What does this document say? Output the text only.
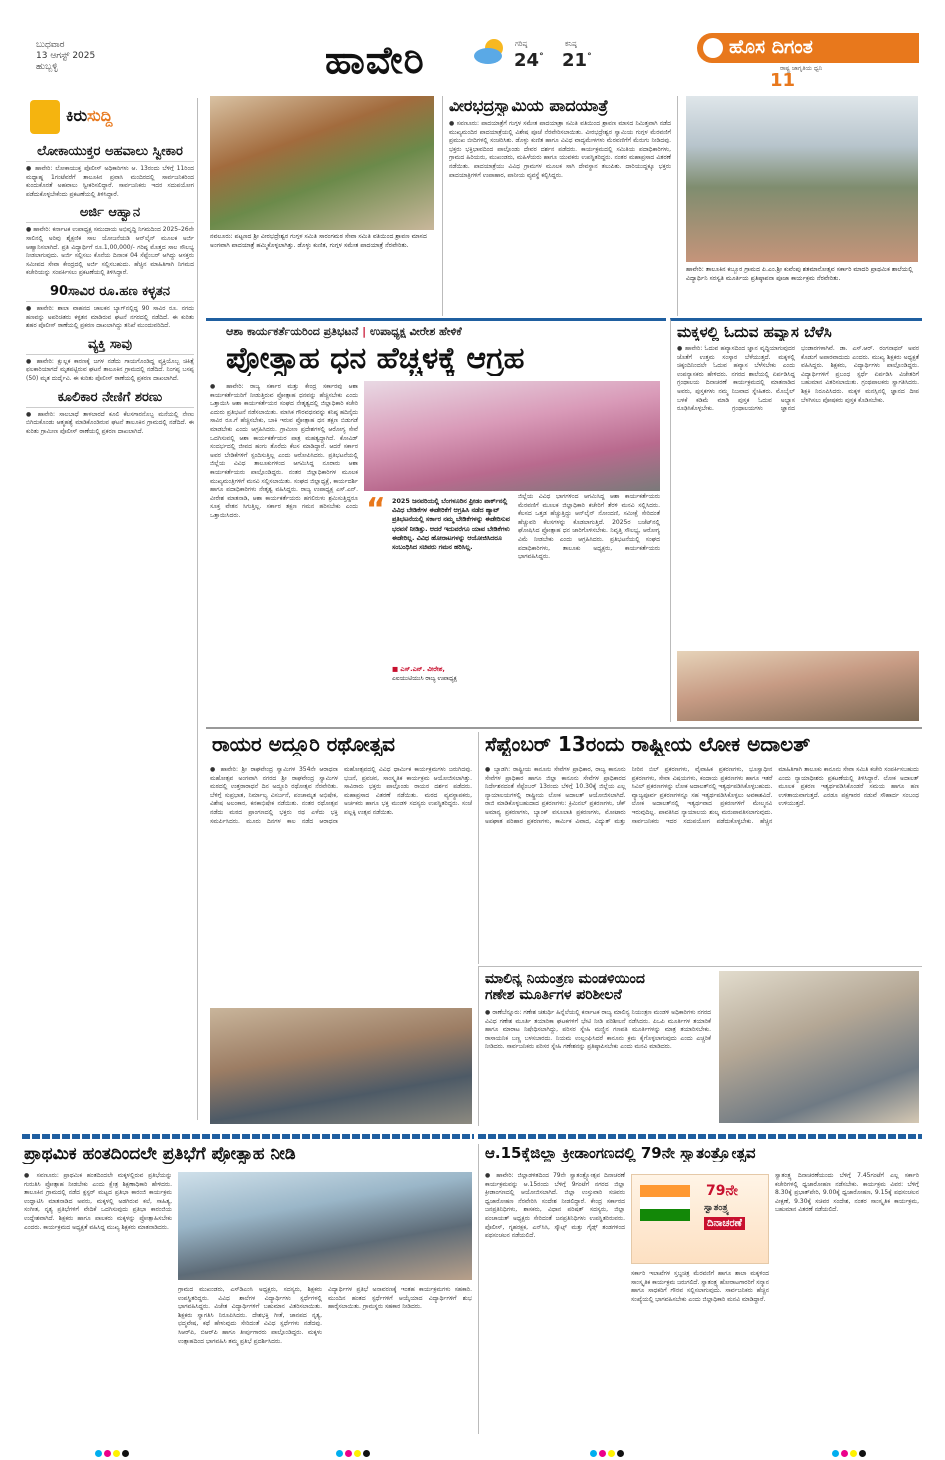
ಬುಧವಾರ
13 ಆಗಸ್ಟ್ 2025
ಹುಬ್ಬಳ್ಳಿ	ಹಾವೇರಿ	ಗರಿಷ್ಠ
24°
ಕನಿಷ್ಠ
21°	ಹೊಸ ದಿಗಂತ
ರಾಷ್ಟ್ರ ಜಾಗೃತಿಯ ಧ್ವನಿ
11
ಕಿರುಸುದ್ದಿ
ಲೋಕಾಯುಕ್ತರ ಅಹವಾಲು ಸ್ವೀಕಾರ
● ಹಾವೇರಿ: ಲೋಕಾಯುಕ್ತ ಪೊಲೀಸ್ ಅಧಿಕಾರಿಗಳು ಆ. 13ರಂದು ಬೆಳಿಗ್ಗೆ 11ರಿಂದ ಮಧ್ಯಾಹ್ನ 1ಗಂಟೆವರೆಗೆ ತಾಲೂಕಿನ ಪ್ರವಾಸಿ ಮಂದಿರದಲ್ಲಿ ಸಾರ್ವಜನಿಕರಿಂದ ಕುಂದುಕೊರತೆ ಅಹವಾಲು ಸ್ವೀಕರಿಸಲಿದ್ದಾರೆ. ಸಾರ್ವಜನಿಕರು ಇದರ ಸದುಪಯೋಗ ಪಡೆದುಕೊಳ್ಳಬೇಕೆಂದು ಪ್ರಕಟಣೆಯಲ್ಲಿ ತಿಳಿಸಿದ್ದಾರೆ.
ಅರ್ಜಿ ಆಹ್ವಾನ
● ಹಾವೇರಿ: ಕರ್ನಾಟಕ ಉಪಾಧ್ಯಕ್ಷ ಸಮುದಾಯ ಅಭಿವೃದ್ಧಿ ನಿಗಮದಿಂದ 2025–26ನೇ ಸಾಲಿನಲ್ಲಿ ಅರಿವು ಶೈಕ್ಷಣಿಕ ಸಾಲ ಯೋಜನೆಯಡಿ ಆನ್‌ಲೈನ್ ಮೂಲಕ ಅರ್ಜಿ ಆಹ್ವಾನಿಸಲಾಗಿದೆ. ಪ್ರತಿ ವಿದ್ಯಾರ್ಥಿಗೆ ರೂ.1,00,000/- ಗರಿಷ್ಠ ಮೊತ್ತದ ಸಾಲ ಸೌಲಭ್ಯ ನೀಡಲಾಗುವುದು. ಅರ್ಜಿ ಸಲ್ಲಿಸಲು ಕೊನೆಯ ದಿನಾಂಕ 04 ಸೆಪ್ಟೆಂಬರ್ ಆಗಿದ್ದು ಆಸಕ್ತರು ಸಮೀಪದ ಸೇವಾ ಕೇಂದ್ರದಲ್ಲಿ ಅರ್ಜಿ ಸಲ್ಲಿಸಬಹುದು. ಹೆಚ್ಚಿನ ಮಾಹಿತಿಗಾಗಿ ನಿಗಮದ ಕಚೇರಿಯನ್ನು ಸಂಪರ್ಕಿಸಲು ಪ್ರಕಟಣೆಯಲ್ಲಿ ತಿಳಿಸಿದ್ದಾರೆ.
90ಸಾವಿರ ರೂ.ಹಣ ಕಳ್ಳತನ
● ಹಾವೇರಿ: ಶಾಲಾ ವಾಹನದ ಚಾಲಕನ ಬ್ಯಾಗ್‌ನಲ್ಲಿದ್ದ 90 ಸಾವಿರ ರೂ. ನಗದು ಹಣವನ್ನು ಅಪರಿಚಿತರು ಕಳ್ಳತನ ಮಾಡಿರುವ ಘಟನೆ ನಗರದಲ್ಲಿ ನಡೆದಿದೆ. ಈ ಕುರಿತು ಶಹರ ಪೊಲೀಸ್ ಠಾಣೆಯಲ್ಲಿ ಪ್ರಕರಣ ದಾಖಲಾಗಿದ್ದು ತನಿಖೆ ಮುಂದುವರಿದಿದೆ.
ವ್ಯಕ್ತಿ ಸಾವು
● ಹಾವೇರಿ: ಕ್ಷುಲ್ಲಕ ಕಾರಣಕ್ಕೆ ಜಗಳ ನಡೆದು ಗಾಯಗೊಂಡಿದ್ದ ವ್ಯಕ್ತಿಯೊಬ್ಬ ಚಿಕಿತ್ಸೆ ಫಲಕಾರಿಯಾಗದೆ ಮೃತಪಟ್ಟಿರುವ ಘಟನೆ ತಾಲೂಕಿನ ಗ್ರಾಮದಲ್ಲಿ ನಡೆದಿದೆ. ನಿಂಗಪ್ಪ ಬಸಪ್ಪ (50) ಮೃತ ದುರ್ದೈವಿ. ಈ ಕುರಿತು ಪೊಲೀಸ್ ಠಾಣೆಯಲ್ಲಿ ಪ್ರಕರಣ ದಾಖಲಾಗಿದೆ.
ಕೂಲಿಕಾರ ನೇಣಿಗೆ ಶರಣು
● ಹಾವೇರಿ: ಸಾಲಬಾಧೆ ತಾಳಲಾರದೆ ಕೂಲಿ ಕೆಲಸಗಾರನೊಬ್ಬ ಮನೆಯಲ್ಲಿ ನೇಣು ಬಿಗಿದುಕೊಂಡು ಆತ್ಮಹತ್ಯೆ ಮಾಡಿಕೊಂಡಿರುವ ಘಟನೆ ತಾಲೂಕಿನ ಗ್ರಾಮದಲ್ಲಿ ನಡೆದಿದೆ. ಈ ಕುರಿತು ಗ್ರಾಮೀಣ ಪೊಲೀಸ್ ಠಾಣೆಯಲ್ಲಿ ಪ್ರಕರಣ ದಾಖಲಾಗಿದೆ.
ನವಲೂರು: ಪಟ್ಟಣದ ಶ್ರೀ ವೀರಭದ್ರೇಶ್ವರ ಗುಗ್ಗಳ ಸಮಿತಿ ಸಾರಂಗಮಠ ಸೇವಾ ಸಮಿತಿ ವತಿಯಿಂದ ಶ್ರಾವಣ ಮಾಸದ ಅಂಗವಾಗಿ ಪಾದಯಾತ್ರೆ ಹಮ್ಮಿಕೊಳ್ಳಲಾಗಿತ್ತು. ಡೊಳ್ಳು ಕುಣಿತ, ಗುಗ್ಗಳ ಸಮೇತ ಪಾದಯಾತ್ರೆ ನೆರವೇರಿತು.
ವೀರಭದ್ರಸ್ವಾಮಿಯ ಪಾದಯಾತ್ರೆ
● ಸವಣೂರು: ಪಾದಯಾತ್ರೆಗೆ ಗುಗ್ಗಳ ಸಮೇತ ಪಾದಯಾತ್ರಾ ಸಮಿತಿ ವತಿಯಿಂದ ಶ್ರಾವಣ ಮಾಸದ ನಿಮಿತ್ತವಾಗಿ ನಡೆದ ಮುಖ್ಯಮಂದಿರ ಪಾದಯಾತ್ರೆಯಲ್ಲಿ ವಿಶೇಷ ಪೂಜೆ ನೆರವೇರಿಸಲಾಯಿತು. ವೀರಭದ್ರೇಶ್ವರ ಸ್ವಾಮಿಯ ಗುಗ್ಗಳ ಮೆರವಣಿಗೆ ಪ್ರಮುಖ ಬೀದಿಗಳಲ್ಲಿ ಸಂಚರಿಸಿತು. ಡೊಳ್ಳು ಕುಣಿತ ಹಾಗೂ ವಿವಿಧ ವಾದ್ಯಮೇಳಗಳು ಮೆರವಣಿಗೆಗೆ ಮೆರುಗು ನೀಡಿದವು. ಭಕ್ತರು ಭಕ್ತಿಭಾವದಿಂದ ಪಾಲ್ಗೊಂಡು ದೇವರ ದರ್ಶನ ಪಡೆದರು. ಕಾರ್ಯಕ್ರಮದಲ್ಲಿ ಸಮಿತಿಯ ಪದಾಧಿಕಾರಿಗಳು, ಗ್ರಾಮದ ಹಿರಿಯರು, ಮುಖಂಡರು, ಮಹಿಳೆಯರು ಹಾಗೂ ಯುವಕರು ಉಪಸ್ಥಿತರಿದ್ದರು. ನಂತರ ಮಹಾಪ್ರಸಾದ ವಿತರಣೆ ನಡೆಯಿತು. ಪಾದಯಾತ್ರೆಯು ವಿವಿಧ ಗ್ರಾಮಗಳ ಮೂಲಕ ಸಾಗಿ ದೇವಸ್ಥಾನ ತಲುಪಿತು. ದಾರಿಯುದ್ದಕ್ಕೂ ಭಕ್ತರು ಪಾದಯಾತ್ರಿಗಳಿಗೆ ಉಪಾಹಾರ, ಪಾನೀಯ ವ್ಯವಸ್ಥೆ ಕಲ್ಪಿಸಿದ್ದರು.
ಹಾವೇರಿ: ತಾಲೂಕಿನ ಕಬ್ಬೂರ ಗ್ರಾಮದ ಪಿ.ಎಂ.ಶ್ರೀ ಕುವೆಂಪು ಶತಮಾನೋತ್ಸವ ಸರ್ಕಾರಿ ಮಾದರಿ ಪ್ರಾಥಮಿಕ ಶಾಲೆಯಲ್ಲಿ ವಿದ್ಯಾರ್ಥಿನಿ ಸರಸ್ವತಿ ಮೂರ್ತಿಯ ಪ್ರತಿಷ್ಠಾಪನಾ ಪೂಜಾ ಕಾರ್ಯಕ್ರಮ ನೆರವೇರಿತು.
ಆಶಾ ಕಾರ್ಯಕರ್ತೆಯರಿಂದ ಪ್ರತಿಭಟನೆ | ಉಪಾಧ್ಯಕ್ಷ ವೀರೇಶ ಹೇಳಿಕೆ
ಪ್ರೋತ್ಸಾಹ ಧನ ಹೆಚ್ಚಳಕ್ಕೆ ಆಗ್ರಹ
● ಹಾವೇರಿ: ರಾಜ್ಯ ಸರ್ಕಾರ ಮತ್ತು ಕೇಂದ್ರ ಸರ್ಕಾರವು ಆಶಾ ಕಾರ್ಯಕರ್ತೆಯರಿಗೆ ನೀಡುತ್ತಿರುವ ಪ್ರೋತ್ಸಾಹ ಧನವನ್ನು ಹೆಚ್ಚಿಸಬೇಕು ಎಂದು ಒತ್ತಾಯಿಸಿ ಆಶಾ ಕಾರ್ಯಕರ್ತೆಯರ ಸಂಘದ ನೇತೃತ್ವದಲ್ಲಿ ಜಿಲ್ಲಾಧಿಕಾರಿ ಕಚೇರಿ ಎದುರು ಪ್ರತಿಭಟನೆ ನಡೆಸಲಾಯಿತು. ಮಾಸಿಕ ಗೌರವಧನವನ್ನು ಕನಿಷ್ಠ ಹದಿನೈದು ಸಾವಿರ ರೂ.ಗೆ ಹೆಚ್ಚಿಸಬೇಕು, ಬಾಕಿ ಇರುವ ಪ್ರೋತ್ಸಾಹ ಧನ ತಕ್ಷಣ ಬಿಡುಗಡೆ ಮಾಡಬೇಕು ಎಂದು ಆಗ್ರಹಿಸಿದರು. ಗ್ರಾಮೀಣ ಪ್ರದೇಶಗಳಲ್ಲಿ ಆರೋಗ್ಯ ಸೇವೆ ಒದಗಿಸುವಲ್ಲಿ ಆಶಾ ಕಾರ್ಯಕರ್ತೆಯರ ಪಾತ್ರ ಮಹತ್ವದ್ದಾಗಿದೆ. ಕೋವಿಡ್ ಸಂದರ್ಭದಲ್ಲಿ ಜೀವದ ಹಂಗು ತೊರೆದು ಕೆಲಸ ಮಾಡಿದ್ದಾರೆ. ಆದರೆ ಸರ್ಕಾರ ಅವರ ಬೇಡಿಕೆಗಳಿಗೆ ಸ್ಪಂದಿಸುತ್ತಿಲ್ಲ ಎಂದು ಆರೋಪಿಸಿದರು. ಪ್ರತಿಭಟನೆಯಲ್ಲಿ ಜಿಲ್ಲೆಯ ವಿವಿಧ ತಾಲೂಕುಗಳಿಂದ ಆಗಮಿಸಿದ್ದ ನೂರಾರು ಆಶಾ ಕಾರ್ಯಕರ್ತೆಯರು ಪಾಲ್ಗೊಂಡಿದ್ದರು. ನಂತರ ಜಿಲ್ಲಾಧಿಕಾರಿಗಳ ಮೂಲಕ ಮುಖ್ಯಮಂತ್ರಿಗಳಿಗೆ ಮನವಿ ಸಲ್ಲಿಸಲಾಯಿತು. ಸಂಘದ ಜಿಲ್ಲಾಧ್ಯಕ್ಷೆ, ಕಾರ್ಯದರ್ಶಿ ಹಾಗೂ ಪದಾಧಿಕಾರಿಗಳು ನೇತೃತ್ವ ವಹಿಸಿದ್ದರು. ರಾಜ್ಯ ಉಪಾಧ್ಯಕ್ಷ ಎಸ್.ಎನ್. ವೀರೇಶ ಮಾತನಾಡಿ, ಆಶಾ ಕಾರ್ಯಕರ್ತೆಯರು ಹಗಲಿರುಳು ಶ್ರಮಿಸುತ್ತಿದ್ದರೂ ಸೂಕ್ತ ವೇತನ ಸಿಗುತ್ತಿಲ್ಲ. ಸರ್ಕಾರ ತಕ್ಷಣ ಗಮನ ಹರಿಸಬೇಕು ಎಂದು ಒತ್ತಾಯಿಸಿದರು.	“ 2025 ಜನವರಿಯಲ್ಲಿ ಬೆಂಗಳೂರಿನ ಫ್ರೀಡಂ ಪಾರ್ಕ್‌ನಲ್ಲಿ ವಿವಿಧ ಬೇಡಿಕೆಗಳ ಈಡೇರಿಕೆಗೆ ಆಗ್ರಹಿಸಿ ನಡೆದ ಹ್ಯಾಟ್ ಪ್ರತಿಭಟನೆಯಲ್ಲಿ ಸರ್ಕಾರ ನಮ್ಮ ಬೇಡಿಕೆಗಳನ್ನು ಈಡೇರಿಸುವ ಭರವಸೆ ನೀಡಿತ್ತು. ಆದರೆ ಇದುವರೆಗೂ ಯಾವ ಬೇಡಿಕೆಗಳು ಈಡೇರಿಲ್ಲ. ವಿವಿಧ ಹೋರಾಟಗಳನ್ನು ಆಯೋಜಿಸಿದರೂ ಸಂಬಂಧಿಸಿದ ಸಚಿವರು ಗಮನ ಹರಿಸಿಲ್ಲ.
■ ಎಸ್.ಎನ್. ವೀರೇಶ,
ಎಐಯುಟಿಯುಸಿ ರಾಜ್ಯ ಉಪಾಧ್ಯಕ್ಷ
ಜಿಲ್ಲೆಯ ವಿವಿಧ ಭಾಗಗಳಿಂದ ಆಗಮಿಸಿದ್ದ ಆಶಾ ಕಾರ್ಯಕರ್ತೆಯರು ಮೆರವಣಿಗೆ ಮೂಲಕ ಜಿಲ್ಲಾಧಿಕಾರಿ ಕಚೇರಿಗೆ ತೆರಳಿ ಮನವಿ ಸಲ್ಲಿಸಿದರು. ಕೆಲಸದ ಒತ್ತಡ ಹೆಚ್ಚುತ್ತಿದ್ದು ಆನ್‌ಲೈನ್ ನೋಂದಣಿ, ಸಮೀಕ್ಷೆ ಸೇರಿದಂತೆ ಹೆಚ್ಚುವರಿ ಕೆಲಸಗಳನ್ನು ಕೊಡಲಾಗುತ್ತಿದೆ. 2025ರ ಬಜೆಟ್‌ನಲ್ಲಿ ಘೋಷಿಸಿದ ಪ್ರೋತ್ಸಾಹ ಧನ ಜಾರಿಗೊಳಿಸಬೇಕು. ನಿವೃತ್ತಿ ಸೌಲಭ್ಯ, ಆರೋಗ್ಯ ವಿಮೆ ನೀಡಬೇಕು ಎಂದು ಆಗ್ರಹಿಸಿದರು. ಪ್ರತಿಭಟನೆಯಲ್ಲಿ ಸಂಘದ ಪದಾಧಿಕಾರಿಗಳು, ತಾಲೂಕು ಅಧ್ಯಕ್ಷರು, ಕಾರ್ಯಕರ್ತೆಯರು ಭಾಗವಹಿಸಿದ್ದರು.
ಮಕ್ಕಳಲ್ಲಿ ಓದುವ ಹವ್ಯಾಸ ಬೆಳೆಸಿ
● ಹಾವೇರಿ: ಓದುವ ಹವ್ಯಾಸದಿಂದ ಜ್ಞಾನ ವೃದ್ಧಿಯಾಗುವುದರ ಜೊತೆಗೆ ಉತ್ತಮ ಸಂಸ್ಕಾರ ಬೆಳೆಯುತ್ತದೆ. ಮಕ್ಕಳಲ್ಲಿ ಚಿಕ್ಕಂದಿನಿಂದಲೇ ಓದುವ ಹವ್ಯಾಸ ಬೆಳೆಸಬೇಕು ಎಂದು ಉಪನ್ಯಾಸಕರು ಹೇಳಿದರು. ನಗರದ ಶಾಲೆಯಲ್ಲಿ ಏರ್ಪಡಿಸಿದ್ದ ಗ್ರಂಥಾಲಯ ದಿನಾಚರಣೆ ಕಾರ್ಯಕ್ರಮದಲ್ಲಿ ಮಾತನಾಡಿದ ಅವರು, ಪುಸ್ತಕಗಳು ನಮ್ಮ ನಿಜವಾದ ಸ್ನೇಹಿತರು. ಮೊಬೈಲ್ ಬಳಕೆ ಕಡಿಮೆ ಮಾಡಿ ಪುಸ್ತಕ ಓದುವ ಅಭ್ಯಾಸ ರೂಢಿಸಿಕೊಳ್ಳಬೇಕು. ಗ್ರಂಥಾಲಯಗಳು ಜ್ಞಾನದ ಭಂಡಾರಗಳಾಗಿವೆ. ಡಾ. ಎಸ್.ಆರ್. ರಂಗನಾಥನ್ ಅವರ ಕೊಡುಗೆ ಅಪಾರವಾದುದು ಎಂದರು. ಮುಖ್ಯ ಶಿಕ್ಷಕರು ಅಧ್ಯಕ್ಷತೆ ವಹಿಸಿದ್ದರು. ಶಿಕ್ಷಕರು, ವಿದ್ಯಾರ್ಥಿಗಳು ಪಾಲ್ಗೊಂಡಿದ್ದರು. ವಿದ್ಯಾರ್ಥಿಗಳಿಗೆ ಪ್ರಬಂಧ ಸ್ಪರ್ಧೆ ಏರ್ಪಡಿಸಿ ವಿಜೇತರಿಗೆ ಬಹುಮಾನ ವಿತರಿಸಲಾಯಿತು. ಗ್ರಂಥಪಾಲಕರು ಸ್ವಾಗತಿಸಿದರು. ಶಿಕ್ಷಕಿ ನಿರೂಪಿಸಿದರು. ಮಕ್ಕಳ ಮನಸ್ಸಿನಲ್ಲಿ ಜ್ಞಾನದ ದೀಪ ಬೆಳಗಿಸಲು ಪೋಷಕರು ಪುಸ್ತಕ ಕೊಡಿಸಬೇಕು.
ರಾಯರ ಅದ್ದೂರಿ ರಥೋತ್ಸವ
● ಹಾವೇರಿ: ಶ್ರೀ ರಾಘವೇಂದ್ರ ಸ್ವಾಮಿಗಳ 354ನೇ ಆರಾಧನಾ ಮಹೋತ್ಸವ ಅಂಗವಾಗಿ ನಗರದ ಶ್ರೀ ರಾಘವೇಂದ್ರ ಸ್ವಾಮಿಗಳ ಮಠದಲ್ಲಿ ಉತ್ತರಾರಾಧನೆ ದಿನ ಅದ್ದೂರಿ ರಥೋತ್ಸವ ನೆರವೇರಿತು. ಬೆಳಿಗ್ಗೆ ಸುಪ್ರಭಾತ, ನಿರ್ಮಾಲ್ಯ ವಿಸರ್ಜನೆ, ಪಂಚಾಮೃತ ಅಭಿಷೇಕ, ವಿಶೇಷ ಅಲಂಕಾರ, ಕನಕಾಭಿಷೇಕ ನಡೆಯಿತು. ನಂತರ ರಥೋತ್ಸವ ನಡೆದು ಮಠದ ಪ್ರಾಂಗಣದಲ್ಲಿ ಭಕ್ತರು ರಥ ಎಳೆದು ಭಕ್ತಿ ಸಮರ್ಪಿಸಿದರು. ಮೂರು ದಿನಗಳ ಕಾಲ ನಡೆದ ಆರಾಧನಾ ಮಹೋತ್ಸವದಲ್ಲಿ ವಿವಿಧ ಧಾರ್ಮಿಕ ಕಾರ್ಯಕ್ರಮಗಳು ಜರುಗಿದವು. ಭಜನೆ, ಪ್ರವಚನ, ಸಾಂಸ್ಕೃತಿಕ ಕಾರ್ಯಕ್ರಮ ಆಯೋಜಿಸಲಾಗಿತ್ತು. ಸಾವಿರಾರು ಭಕ್ತರು ಪಾಲ್ಗೊಂಡು ರಾಯರ ದರ್ಶನ ಪಡೆದರು. ಮಹಾಪ್ರಸಾದ ವಿತರಣೆ ನಡೆಯಿತು. ಮಠದ ವ್ಯವಸ್ಥಾಪಕರು, ಅರ್ಚಕರು ಹಾಗೂ ಭಕ್ತ ಮಂಡಳಿ ಸದಸ್ಯರು ಉಪಸ್ಥಿತರಿದ್ದರು. ಸಂಜೆ ಪಲ್ಲಕ್ಕಿ ಉತ್ಸವ ನಡೆಯಿತು.
ಸೆಪ್ಟೆಂಬರ್ 13ರಂದು ರಾಷ್ಟ್ರೀಯ ಲೋಕ ಅದಾಲತ್
● ಬ್ಯಾಡಗಿ: ರಾಷ್ಟ್ರೀಯ ಕಾನೂನು ಸೇವೆಗಳ ಪ್ರಾಧಿಕಾರ, ರಾಜ್ಯ ಕಾನೂನು ಸೇವೆಗಳ ಪ್ರಾಧಿಕಾರ ಹಾಗೂ ಜಿಲ್ಲಾ ಕಾನೂನು ಸೇವೆಗಳ ಪ್ರಾಧಿಕಾರದ ನಿರ್ದೇಶನದಂತೆ ಸೆಪ್ಟೆಂಬರ್ 13ರಂದು ಬೆಳಿಗ್ಗೆ 10.30ಕ್ಕೆ ಜಿಲ್ಲೆಯ ಎಲ್ಲ ನ್ಯಾಯಾಲಯಗಳಲ್ಲಿ ರಾಷ್ಟ್ರೀಯ ಲೋಕ ಅದಾಲತ್ ಆಯೋಜಿಸಲಾಗಿದೆ. ರಾಜಿ ಮಾಡಿಕೊಳ್ಳಬಹುದಾದ ಪ್ರಕರಣಗಳು: ಕ್ರಿಮಿನಲ್ ಪ್ರಕರಣಗಳು, ಚೆಕ್ ಅಮಾನ್ಯ ಪ್ರಕರಣಗಳು, ಬ್ಯಾಂಕ್ ವಸೂಲಾತಿ ಪ್ರಕರಣಗಳು, ಮೋಟಾರು ಅಪಘಾತ ಪರಿಹಾರ ಪ್ರಕರಣಗಳು, ಕಾರ್ಮಿಕ ವಿವಾದ, ವಿದ್ಯುತ್ ಮತ್ತು ನೀರಿನ ಬಿಲ್ ಪ್ರಕರಣಗಳು, ವೈವಾಹಿಕ ಪ್ರಕರಣಗಳು, ಭೂಸ್ವಾಧೀನ ಪ್ರಕರಣಗಳು, ಸೇವಾ ವಿಷಯಗಳು, ಕಂದಾಯ ಪ್ರಕರಣಗಳು ಹಾಗೂ ಇತರೆ ಸಿವಿಲ್ ಪ್ರಕರಣಗಳನ್ನು ಲೋಕ ಅದಾಲತ್‌ನಲ್ಲಿ ಇತ್ಯರ್ಥಪಡಿಸಿಕೊಳ್ಳಬಹುದು. ವ್ಯಾಜ್ಯಪೂರ್ವ ಪ್ರಕರಣಗಳನ್ನೂ ಸಹ ಇತ್ಯರ್ಥಪಡಿಸಿಕೊಳ್ಳಲು ಅವಕಾಶವಿದೆ. ಲೋಕ ಅದಾಲತ್‌ನಲ್ಲಿ ಇತ್ಯರ್ಥವಾದ ಪ್ರಕರಣಗಳಿಗೆ ಮೇಲ್ಮನವಿ ಇರುವುದಿಲ್ಲ. ಪಾವತಿಸಿದ ನ್ಯಾಯಾಲಯ ಶುಲ್ಕ ಮರುಪಾವತಿಸಲಾಗುವುದು. ಸಾರ್ವಜನಿಕರು ಇದರ ಸದುಪಯೋಗ ಪಡೆದುಕೊಳ್ಳಬೇಕು. ಹೆಚ್ಚಿನ ಮಾಹಿತಿಗಾಗಿ ತಾಲೂಕು ಕಾನೂನು ಸೇವಾ ಸಮಿತಿ ಕಚೇರಿ ಸಂಪರ್ಕಿಸಬಹುದು ಎಂದು ನ್ಯಾಯಾಧೀಶರು ಪ್ರಕಟಣೆಯಲ್ಲಿ ತಿಳಿಸಿದ್ದಾರೆ. ಲೋಕ ಅದಾಲತ್ ಮೂಲಕ ಪ್ರಕರಣ ಇತ್ಯರ್ಥಪಡಿಸಿಕೊಂಡರೆ ಸಮಯ ಹಾಗೂ ಹಣ ಉಳಿತಾಯವಾಗುತ್ತದೆ. ಎರಡೂ ಪಕ್ಷಗಾರರ ನಡುವೆ ಸೌಹಾರ್ದ ಸಂಬಂಧ ಉಳಿಯುತ್ತದೆ.
ಮಾಲಿನ್ಯ ನಿಯಂತ್ರಣ ಮಂಡಳಿಯಿಂದ
ಗಣೇಶ ಮೂರ್ತಿಗಳ ಪರಿಶೀಲನೆ
● ರಾಣೆಬೆನ್ನೂರು: ಗಣೇಶ ಚತುರ್ಥಿ ಹಿನ್ನೆಲೆಯಲ್ಲಿ ಕರ್ನಾಟಕ ರಾಜ್ಯ ಮಾಲಿನ್ಯ ನಿಯಂತ್ರಣ ಮಂಡಳಿ ಅಧಿಕಾರಿಗಳು ನಗರದ ವಿವಿಧ ಗಣೇಶ ಮೂರ್ತಿ ತಯಾರಿಕಾ ಘಟಕಗಳಿಗೆ ಭೇಟಿ ನೀಡಿ ಪರಿಶೀಲನೆ ನಡೆಸಿದರು. ಪಿಒಪಿ ಮೂರ್ತಿಗಳ ತಯಾರಿಕೆ ಹಾಗೂ ಮಾರಾಟ ನಿಷೇಧಿಸಲಾಗಿದ್ದು, ಪರಿಸರ ಸ್ನೇಹಿ ಮಣ್ಣಿನ ಗಣಪತಿ ಮೂರ್ತಿಗಳನ್ನು ಮಾತ್ರ ತಯಾರಿಸಬೇಕು. ರಾಸಾಯನಿಕ ಬಣ್ಣ ಬಳಸಬಾರದು. ನಿಯಮ ಉಲ್ಲಂಘಿಸಿದರೆ ಕಾನೂನು ಕ್ರಮ ಕೈಗೊಳ್ಳಲಾಗುವುದು ಎಂದು ಎಚ್ಚರಿಕೆ ನೀಡಿದರು. ಸಾರ್ವಜನಿಕರು ಪರಿಸರ ಸ್ನೇಹಿ ಗಣೇಶನನ್ನು ಪ್ರತಿಷ್ಠಾಪಿಸಬೇಕು ಎಂದು ಮನವಿ ಮಾಡಿದರು.
ಪ್ರಾಥಮಿಕ ಹಂತದಿಂದಲೇ ಪ್ರತಿಭೆಗೆ ಪ್ರೋತ್ಸಾಹ ನೀಡಿ
● ಸವಣೂರು: ಪ್ರಾಥಮಿಕ ಹಂತದಿಂದಲೇ ಮಕ್ಕಳಲ್ಲಿರುವ ಪ್ರತಿಭೆಯನ್ನು ಗುರುತಿಸಿ ಪ್ರೋತ್ಸಾಹ ನೀಡಬೇಕು ಎಂದು ಕ್ಷೇತ್ರ ಶಿಕ್ಷಣಾಧಿಕಾರಿ ಹೇಳಿದರು. ತಾಲೂಕಿನ ಗ್ರಾಮದಲ್ಲಿ ನಡೆದ ಕ್ಲಸ್ಟರ್ ಮಟ್ಟದ ಪ್ರತಿಭಾ ಕಾರಂಜಿ ಕಾರ್ಯಕ್ರಮ ಉದ್ಘಾಟಿಸಿ ಮಾತನಾಡಿದ ಅವರು, ಮಕ್ಕಳಲ್ಲಿ ಅಡಗಿರುವ ಕಲೆ, ಸಾಹಿತ್ಯ, ಸಂಗೀತ, ನೃತ್ಯ ಪ್ರತಿಭೆಗಳಿಗೆ ವೇದಿಕೆ ಒದಗಿಸುವುದು ಪ್ರತಿಭಾ ಕಾರಂಜಿಯ ಉದ್ದೇಶವಾಗಿದೆ. ಶಿಕ್ಷಕರು ಹಾಗೂ ಪಾಲಕರು ಮಕ್ಕಳನ್ನು ಪ್ರೋತ್ಸಾಹಿಸಬೇಕು ಎಂದರು. ಕಾರ್ಯಕ್ರಮದ ಅಧ್ಯಕ್ಷತೆ ವಹಿಸಿದ್ದ ಮುಖ್ಯ ಶಿಕ್ಷಕರು ಮಾತನಾಡಿದರು.
ಗ್ರಾಮದ ಮುಖಂಡರು, ಎಸ್‌ಡಿಎಂಸಿ ಅಧ್ಯಕ್ಷರು, ಸದಸ್ಯರು, ಶಿಕ್ಷಕರು ಉಪಸ್ಥಿತರಿದ್ದರು. ವಿವಿಧ ಶಾಲೆಗಳ ವಿದ್ಯಾರ್ಥಿಗಳು ಸ್ಪರ್ಧೆಗಳಲ್ಲಿ ಭಾಗವಹಿಸಿದ್ದರು. ವಿಜೇತ ವಿದ್ಯಾರ್ಥಿಗಳಿಗೆ ಬಹುಮಾನ ವಿತರಿಸಲಾಯಿತು. ಶಿಕ್ಷಕರು ಸ್ವಾಗತಿಸಿ ನಿರೂಪಿಸಿದರು. ದೇಶಭಕ್ತಿ ಗೀತೆ, ಜಾನಪದ ನೃತ್ಯ, ಛದ್ಮವೇಷ, ಕಥೆ ಹೇಳುವುದು ಸೇರಿದಂತೆ ವಿವಿಧ ಸ್ಪರ್ಧೆಗಳು ನಡೆದವು. ಸಿಆರ್‌ಪಿ, ಬಿಆರ್‌ಪಿ ಹಾಗೂ ತೀರ್ಪುಗಾರರು ಪಾಲ್ಗೊಂಡಿದ್ದರು. ಮಕ್ಕಳು ಉತ್ಸಾಹದಿಂದ ಭಾಗವಹಿಸಿ ತಮ್ಮ ಪ್ರತಿಭೆ ಪ್ರದರ್ಶಿಸಿದರು.
ವಿದ್ಯಾರ್ಥಿಗಳ ಪ್ರತಿಭೆ ಅನಾವರಣಕ್ಕೆ ಇಂತಹ ಕಾರ್ಯಕ್ರಮಗಳು ಸಹಕಾರಿ. ಮುಂದಿನ ಹಂತದ ಸ್ಪರ್ಧೆಗಳಿಗೆ ಆಯ್ಕೆಯಾದ ವಿದ್ಯಾರ್ಥಿಗಳಿಗೆ ಶುಭ ಹಾರೈಸಲಾಯಿತು. ಗ್ರಾಮಸ್ಥರು ಸಹಕಾರ ನೀಡಿದರು.
ಆ.15ಕ್ಕೆಜಿಲ್ಲಾ ಕ್ರೀಡಾಂಗಣದಲ್ಲಿ 79ನೇ ಸ್ವಾತಂತ್ರ್ಯೋತ್ಸವ
● ಹಾವೇರಿ: ಜಿಲ್ಲಾಡಳಿತದಿಂದ 79ನೇ ಸ್ವಾತಂತ್ರ್ಯೋತ್ಸವ ದಿನಾಚರಣೆ ಕಾರ್ಯಕ್ರಮವನ್ನು ಆ.15ರಂದು ಬೆಳಿಗ್ಗೆ 9ಗಂಟೆಗೆ ನಗರದ ಜಿಲ್ಲಾ ಕ್ರೀಡಾಂಗಣದಲ್ಲಿ ಆಯೋಜಿಸಲಾಗಿದೆ. ಜಿಲ್ಲಾ ಉಸ್ತುವಾರಿ ಸಚಿವರು ಧ್ವಜಾರೋಹಣ ನೆರವೇರಿಸಿ ಸಂದೇಶ ನೀಡಲಿದ್ದಾರೆ. ಕೇಂದ್ರ ಸರ್ಕಾರದ ಜನಪ್ರತಿನಿಧಿಗಳು, ಶಾಸಕರು, ವಿಧಾನ ಪರಿಷತ್ ಸದಸ್ಯರು, ಜಿಲ್ಲಾ ಪಂಚಾಯತ್ ಅಧ್ಯಕ್ಷರು ಸೇರಿದಂತೆ ಜನಪ್ರತಿನಿಧಿಗಳು ಉಪಸ್ಥಿತರಿರುವರು. ಪೊಲೀಸ್, ಗೃಹರಕ್ಷಕ, ಎನ್‌ಸಿಸಿ, ಸ್ಕೌಟ್ಸ್ ಮತ್ತು ಗೈಡ್ಸ್ ತಂಡಗಳಿಂದ ಪಥಸಂಚಲನ ನಡೆಯಲಿದೆ.
79ನೇ
ಸ್ವಾತಂತ್ರ್ಯ
ದಿನಾಚರಣೆ
ಸರ್ಕಾರಿ ಇಲಾಖೆಗಳ ಸ್ತಬ್ಧಚಿತ್ರ ಮೆರವಣಿಗೆ ಹಾಗೂ ಶಾಲಾ ಮಕ್ಕಳಿಂದ ಸಾಂಸ್ಕೃತಿಕ ಕಾರ್ಯಕ್ರಮ ಜರುಗಲಿದೆ. ಸ್ವಾತಂತ್ರ್ಯ ಹೋರಾಟಗಾರರಿಗೆ ಸನ್ಮಾನ ಹಾಗೂ ಸಾಧಕರಿಗೆ ಗೌರವ ಸಲ್ಲಿಸಲಾಗುವುದು. ಸಾರ್ವಜನಿಕರು ಹೆಚ್ಚಿನ ಸಂಖ್ಯೆಯಲ್ಲಿ ಭಾಗವಹಿಸಬೇಕು ಎಂದು ಜಿಲ್ಲಾಧಿಕಾರಿ ಮನವಿ ಮಾಡಿದ್ದಾರೆ.
ಸ್ವಾತಂತ್ರ್ಯ ದಿನಾಚರಣೆಯಂದು ಬೆಳಿಗ್ಗೆ 7.45ಗಂಟೆಗೆ ಎಲ್ಲ ಸರ್ಕಾರಿ ಕಚೇರಿಗಳಲ್ಲಿ ಧ್ವಜಾರೋಹಣ ನಡೆಸಬೇಕು. ಕಾರ್ಯಕ್ರಮ ವಿವರ: ಬೆಳಿಗ್ಗೆ 8.30ಕ್ಕೆ ಪ್ರಭಾತ್‌ಪೇರಿ, 9.00ಕ್ಕೆ ಧ್ವಜಾರೋಹಣ, 9.15ಕ್ಕೆ ಪಥಸಂಚಲನ ವೀಕ್ಷಣೆ, 9.30ಕ್ಕೆ ಸಚಿವರ ಸಂದೇಶ, ನಂತರ ಸಾಂಸ್ಕೃತಿಕ ಕಾರ್ಯಕ್ರಮ, ಬಹುಮಾನ ವಿತರಣೆ ನಡೆಯಲಿದೆ.
